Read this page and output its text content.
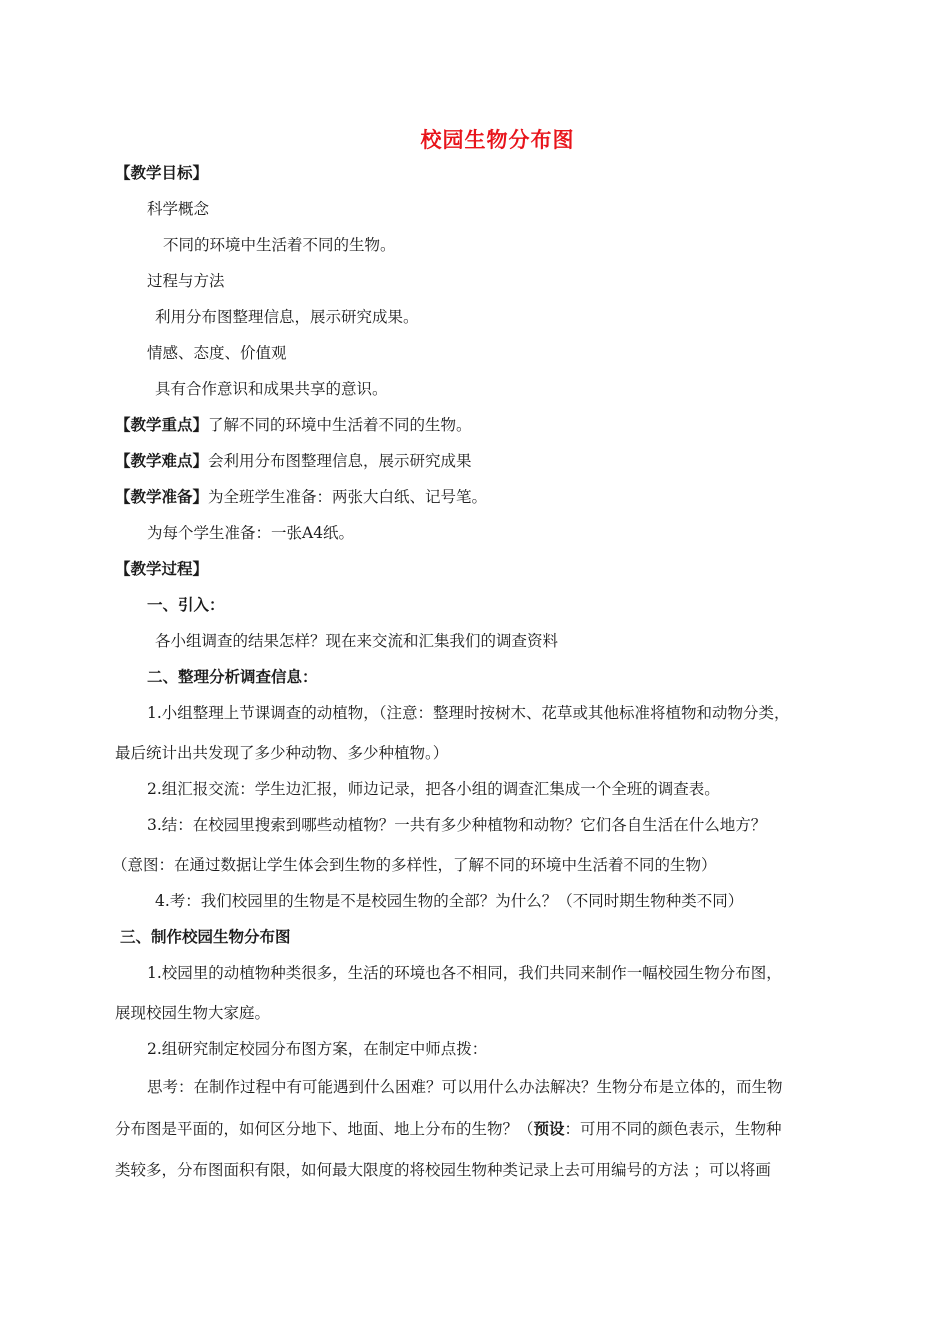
校园生物分布图
【教学目标】
科学概念
不同的环境中生活着不同的生物。
过程与方法
利用分布图整理信息，展示研究成果。
情感、态度、价值观
具有合作意识和成果共享的意识。
【教学重点】了解不同的环境中生活着不同的生物。
【教学难点】会利用分布图整理信息，展示研究成果
【教学准备】为全班学生准备：两张大白纸、记号笔。
为每个学生准备：一张A4纸。
【教学过程】
一、引入：
各小组调查的结果怎样？现在来交流和汇集我们的调查资料
二、整理分析调查信息：
1.小组整理上节课调查的动植物，（注意：整理时按树木、花草或其他标准将植物和动物分类，
最后统计出共发现了多少种动物、多少种植物。）
2.组汇报交流：学生边汇报，师边记录，把各小组的调查汇集成一个全班的调查表。
3.结：在校园里搜索到哪些动植物？一共有多少种植物和动物？它们各自生活在什么地方？
（意图：在通过数据让学生体会到生物的多样性，了解不同的环境中生活着不同的生物）
4.考：我们校园里的生物是不是校园生物的全部？为什么？（不同时期生物种类不同）
三、制作校园生物分布图
1.校园里的动植物种类很多，生活的环境也各不相同，我们共同来制作一幅校园生物分布图，
展现校园生物大家庭。
2.组研究制定校园分布图方案，在制定中师点拨：
思考：在制作过程中有可能遇到什么困难？可以用什么办法解决？生物分布是立体的，而生物
分布图是平面的，如何区分地下、地面、地上分布的生物？（预设：可用不同的颜色表示，生物种
类较多，分布图面积有限，如何最大限度的将校园生物种类记录上去可用编号的方法 ；可以将画
